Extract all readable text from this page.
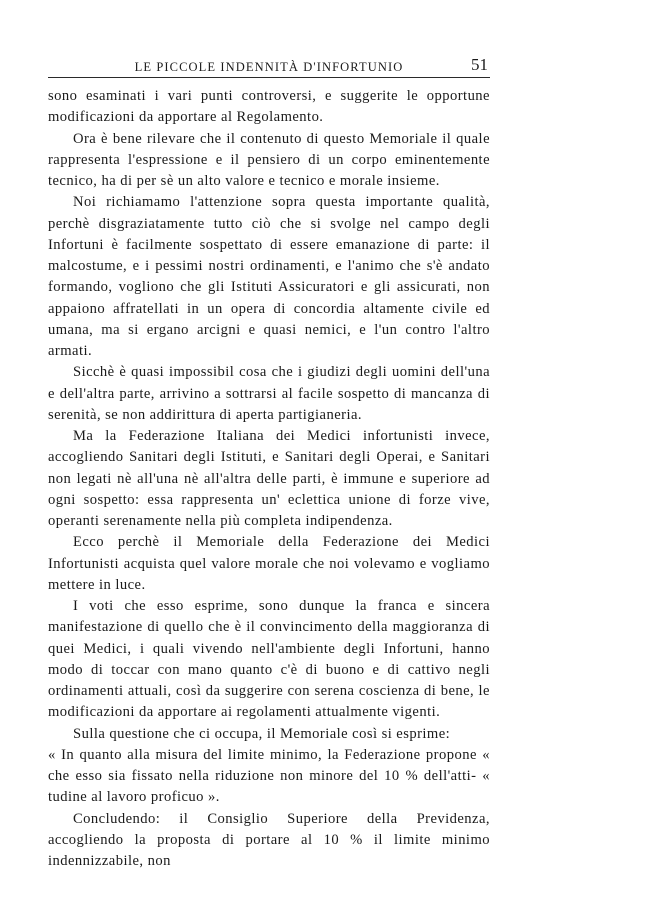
LE PICCOLE INDENNITÀ D'INFORTUNIO	51

sono esaminati i vari punti controversi, e suggerite le opportune modificazioni da apportare al Regolamento.

Ora è bene rilevare che il contenuto di questo Memoriale il quale rappresenta l'espressione e il pensiero di un corpo eminentemente tecnico, ha di per sè un alto valore e tecnico e morale insieme.

Noi richiamamo l'attenzione sopra questa importante qualità, perchè disgraziatamente tutto ciò che si svolge nel campo degli Infortuni è facilmente sospettato di essere emanazione di parte: il malcostume, e i pessimi nostri ordinamenti, e l'animo che s'è andato formando, vogliono che gli Istituti Assicuratori e gli assicurati, non appaiono affratellati in un opera di concordia altamente civile ed umana, ma si ergano arcigni e quasi nemici, e l'un contro l'altro armati.

Sicchè è quasi impossibil cosa che i giudizi degli uomini dell'una e dell'altra parte, arrivino a sottrarsi al facile sospetto di mancanza di serenità, se non addirittura di aperta partigianeria.

Ma la Federazione Italiana dei Medici infortunisti invece, accogliendo Sanitari degli Istituti, e Sanitari degli Operai, e Sanitari non legati nè all'una nè all'altra delle parti, è immune e superiore ad ogni sospetto: essa rappresenta un' eclettica unione di forze vive, operanti serenamente nella più completa indipendenza.

Ecco perchè il Memoriale della Federazione dei Medici Infortunisti acquista quel valore morale che noi volevamo e vogliamo mettere in luce.

I voti che esso esprime, sono dunque la franca e sincera manifestazione di quello che è il convincimento della maggioranza di quei Medici, i quali vivendo nell'ambiente degli Infortuni, hanno modo di toccar con mano quanto c'è di buono e di cattivo negli ordinamenti attuali, così da suggerire con serena coscienza di bene, le modificazioni da apportare ai regolamenti attualmente vigenti.

Sulla questione che ci occupa, il Memoriale così si esprime:

« In quanto alla misura del limite minimo, la Federazione propone « che esso sia fissato nella riduzione non minore del 10 % dell'atti- « tudine al lavoro proficuo ».

Concludendo: il Consiglio Superiore della Previdenza, accogliendo la proposta di portare al 10 % il limite minimo indennizzabile, non
